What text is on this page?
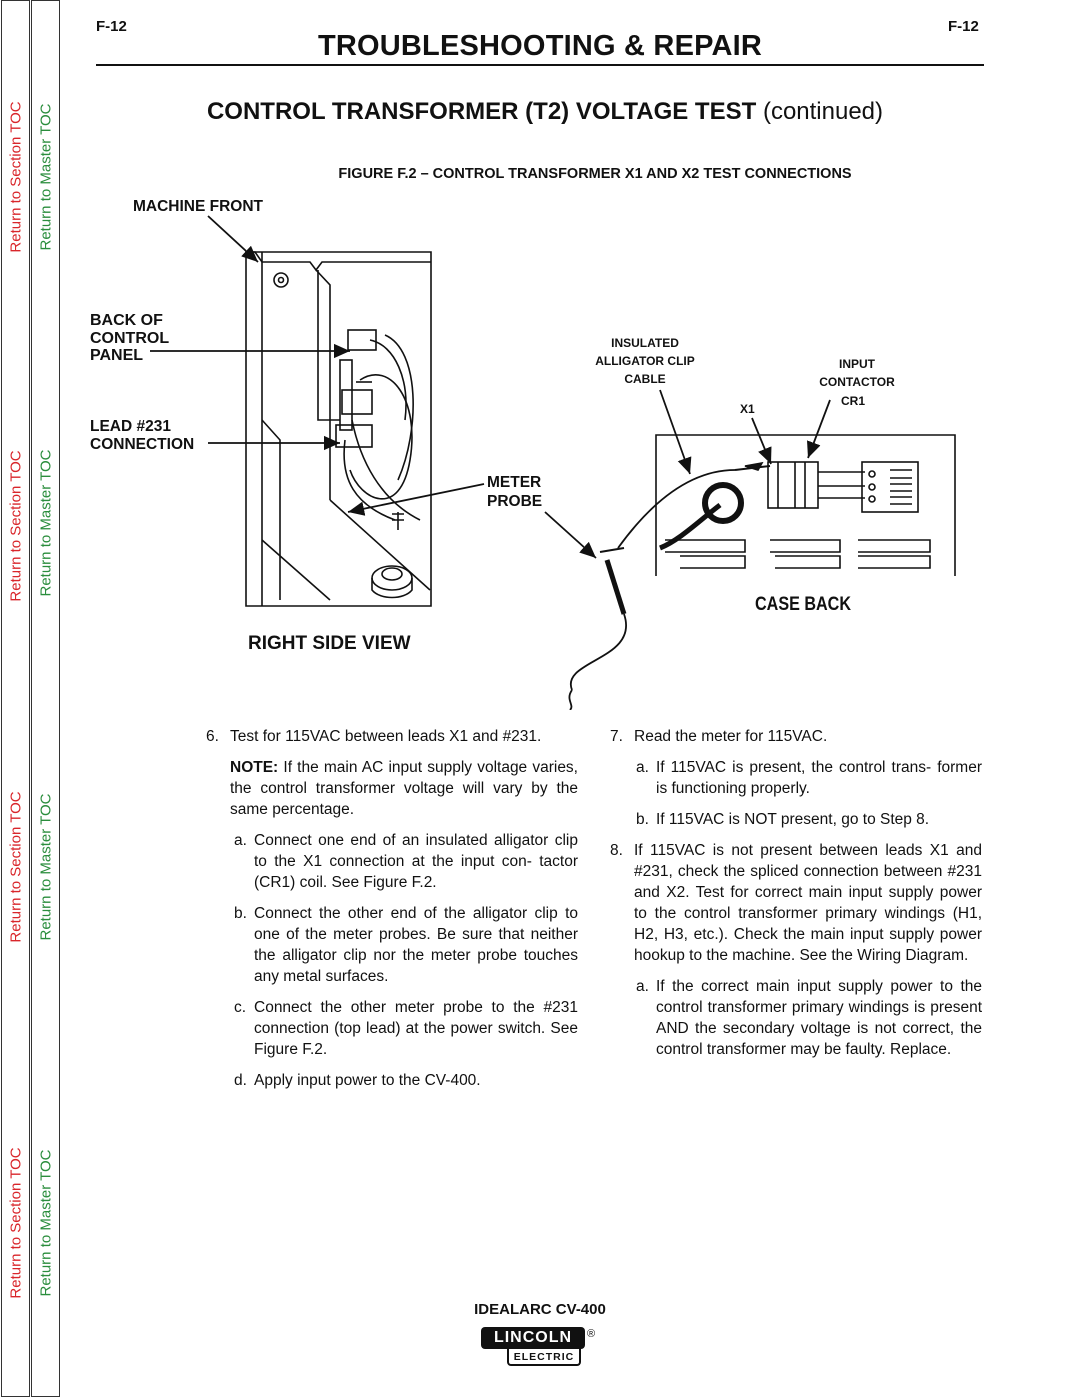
Return to Section TOC
Return to Section TOC
Return to Section TOC
Return to Section TOC
Return to Master TOC
Return to Master TOC
Return to Master TOC
Return to Master TOC
F-12	F-12
TROUBLESHOOTING & REPAIR
CONTROL TRANSFORMER (T2) VOLTAGE TEST (continued)
FIGURE F.2 – CONTROL TRANSFORMER X1 AND X2 TEST CONNECTIONS
MACHINE FRONT
BACK OF
CONTROL
PANEL
LEAD #231
CONNECTION
METER
PROBE
INSULATED
ALLIGATOR CLIP
CABLE
X1
INPUT
CONTACTOR
CR1
CASE BACK
RIGHT SIDE VIEW
6. Test for 115VAC between leads X1 and #231.
NOTE: If the main AC input supply voltage varies, the control transformer voltage will vary by the same percentage.
a. Connect one end of an insulated alligator clip to the X1 connection at the input con- tactor (CR1) coil. See Figure F.2.
b. Connect the other end of the alligator clip to one of the meter probes. Be sure that neither the alligator clip nor the meter probe touches any metal surfaces.
c. Connect the other meter probe to the #231 connection (top lead) at the power switch. See Figure F.2.
d. Apply input power to the CV-400.
7. Read the meter for 115VAC.
a. If 115VAC is present, the control trans- former is functioning properly.
b. If 115VAC is NOT present, go to Step 8.
8. If 115VAC is not present between leads X1 and #231, check the spliced connection between #231 and X2. Test for correct main input supply power to the control transformer primary windings (H1, H2, H3, etc.). Check the main input supply power hookup to the machine. See the Wiring Diagram.
a. If the correct main input supply power to the control transformer primary windings is present AND the secondary voltage is not correct, the control transformer may be faulty. Replace.
IDEALARC CV-400
LINCOLN	®
ELECTRIC
